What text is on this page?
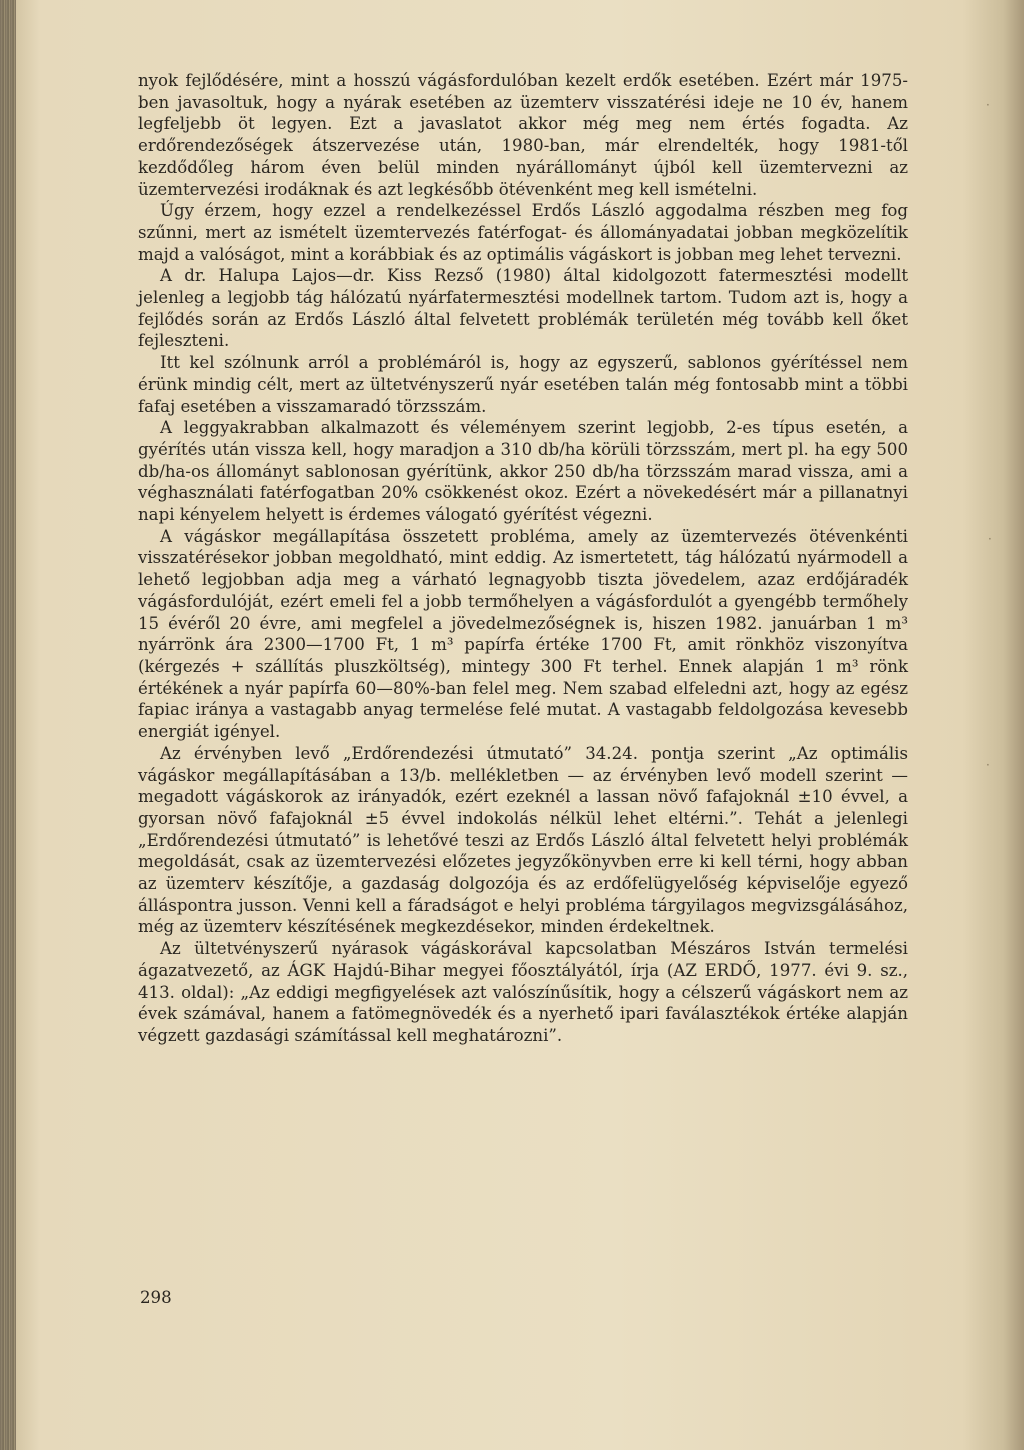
·
·
·

nyok fejlődésére, mint a hosszú vágásfordulóban kezelt erdők esetében. Ezért már 1975-ben javasoltuk, hogy a nyárak esetében az üzemterv visszatérési ideje ne 10 év, hanem legfeljebb öt legyen. Ezt a javaslatot akkor még meg nem értés fogadta. Az erdőrendezőségek átszervezése után, 1980-ban, már elrendelték, hogy 1981-től kezdődőleg három éven belül minden nyárállományt újból kell üzemtervezni az üzemtervezési irodáknak és azt legkésőbb ötévenként meg kell ismételni.

Úgy érzem, hogy ezzel a rendelkezéssel Erdős László aggodalma részben meg fog szűnni, mert az ismételt üzemtervezés fatérfogat- és állományadatai jobban megközelítik majd a valóságot, mint a korábbiak és az optimális vágáskort is jobban meg lehet tervezni.

A dr. Halupa Lajos—dr. Kiss Rezső (1980) által kidolgozott fatermesztési modellt jelenleg a legjobb tág hálózatú nyárfatermesztési modellnek tartom. Tudom azt is, hogy a fejlődés során az Erdős László által felvetett problémák területén még tovább kell őket fejleszteni.

Itt kel szólnunk arról a problémáról is, hogy az egyszerű, sablonos gyérítéssel nem érünk mindig célt, mert az ültetvényszerű nyár esetében talán még fontosabb mint a többi fafaj esetében a visszamaradó törzsszám.

A leggyakrabban alkalmazott és véleményem szerint legjobb, 2-es típus esetén, a gyérítés után vissza kell, hogy maradjon a 310 db/ha körüli törzsszám, mert pl. ha egy 500 db/ha-os állományt sablonosan gyérítünk, akkor 250 db/ha törzsszám marad vissza, ami a véghasználati fatérfogatban 20% csökkenést okoz. Ezért a növekedésért már a pillanatnyi napi kényelem helyett is érdemes válogató gyérítést végezni.

A vágáskor megállapítása összetett probléma, amely az üzemtervezés ötévenkénti visszatérésekor jobban megoldható, mint eddig. Az ismertetett, tág hálózatú nyármodell a lehető legjobban adja meg a várható legnagyobb tiszta jövedelem, azaz erdőjáradék vágásfordulóját, ezért emeli fel a jobb termőhelyen a vágásfordulót a gyengébb termőhely 15 évéről 20 évre, ami megfelel a jövedelmezőségnek is, hiszen 1982. januárban 1 m³ nyárrönk ára 2300—1700 Ft, 1 m³ papírfa értéke 1700 Ft, amit rönkhöz viszonyítva (kérgezés + szállítás pluszköltség), mintegy 300 Ft terhel. Ennek alapján 1 m³ rönk értékének a nyár papírfa 60—80%-ban felel meg. Nem szabad elfeledni azt, hogy az egész fapiac iránya a vastagabb anyag termelése felé mutat. A vastagabb feldolgozása kevesebb energiát igényel.

Az érvényben levő „Erdőrendezési útmutató” 34.24. pontja szerint „Az optimális vágáskor megállapításában a 13/b. mellékletben — az érvényben levő modell szerint — megadott vágáskorok az irányadók, ezért ezeknél a lassan növő fafajoknál ±10 évvel, a gyorsan növő fafajoknál ±5 évvel indokolás nélkül lehet eltérni.”. Tehát a jelenlegi „Erdőrendezési útmutató” is lehetővé teszi az Erdős László által felvetett helyi problémák megoldását, csak az üzemtervezési előzetes jegyzőkönyvben erre ki kell térni, hogy abban az üzemterv készítője, a gazdaság dolgozója és az erdőfelügyelőség képviselője egyező álláspontra jusson. Venni kell a fáradságot e helyi probléma tárgyilagos megvizsgálásához, még az üzemterv készítésének megkezdésekor, minden érdekeltnek.

Az ültetvényszerű nyárasok vágáskorával kapcsolatban Mészáros István termelési ágazatvezető, az ÁGK Hajdú-Bihar megyei főosztályától, írja (AZ ERDŐ, 1977. évi 9. sz., 413. oldal): „Az eddigi megfigyelések azt valószínűsítik, hogy a célszerű vágáskort nem az évek számával, hanem a fatömegnövedék és a nyerhető ipari faválasztékok értéke alapján végzett gazdasági számítással kell meghatározni”.

298
